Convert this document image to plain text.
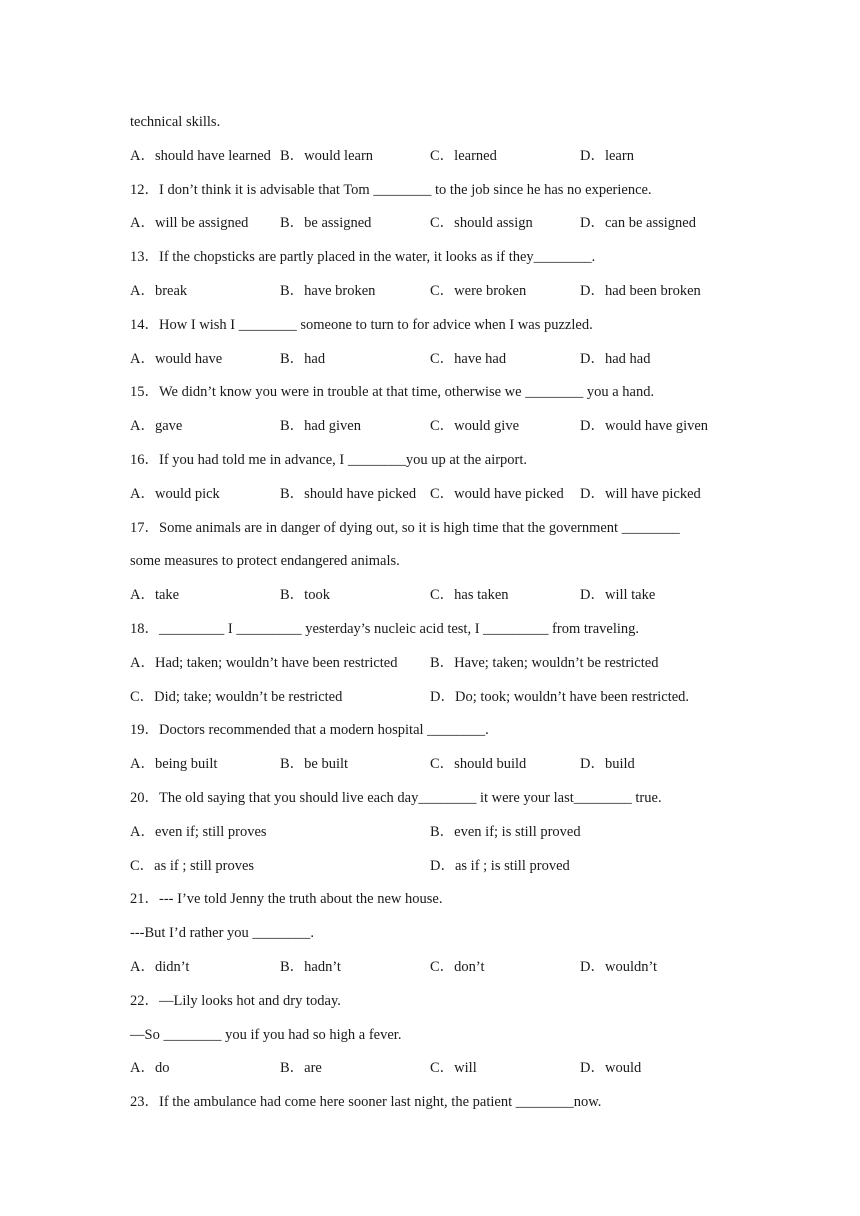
technical skills.
A．should have learned B．would learn	C．learned	D．learn
12．I don’t think it is advisable that Tom ________ to the job since he has no experience.
A．will be assigned B．be assigned	C．should assign	D．can be assigned
13．If the chopsticks are partly placed in the water, it looks as if they________.
A．break	B．have broken	C．were broken	D．had been broken
14．How I wish I ________ someone to turn to for advice when I was puzzled.
A．would have	B．had	C．have had	D．had had
15．We didn’t know you were in trouble at that time, otherwise we ________ you a hand.
A．gave	B．had given	C．would give	D．would have given
16．If you had told me in advance, I ________you up at the airport.
A．would pick	B．should have picked C．would have picked D．will have picked
17．Some animals are in danger of dying out, so it is high time that the government ________
some measures to protect endangered animals.
A．take	B．took	C．has taken	D．will take
18．_________ I _________ yesterday’s nucleic acid test, I _________ from traveling.
A．Had; taken; wouldn’t have been restricted B．Have; taken; wouldn’t be restricted
C．Did; take; wouldn’t be restricted	D．Do; took; wouldn’t have been restricted.
19．Doctors recommended that a modern hospital ________.
A．being built	B．be built	C．should build	D．build
20．The old saying that you should live each day________ it were your last________ true.
A．even if; still proves	B．even if; is still proved
C．as if ; still proves	D．as if ; is still proved
21．--- I’ve told Jenny the truth about the new house.
---But I’d rather you ________.
A．didn’t	B．hadn’t	C．don’t	D．wouldn’t
22．—Lily looks hot and dry today.
—So ________ you if you had so high a fever.
A．do	B．are	C．will	D．would
23．If the ambulance had come here sooner last night, the patient ________now.
